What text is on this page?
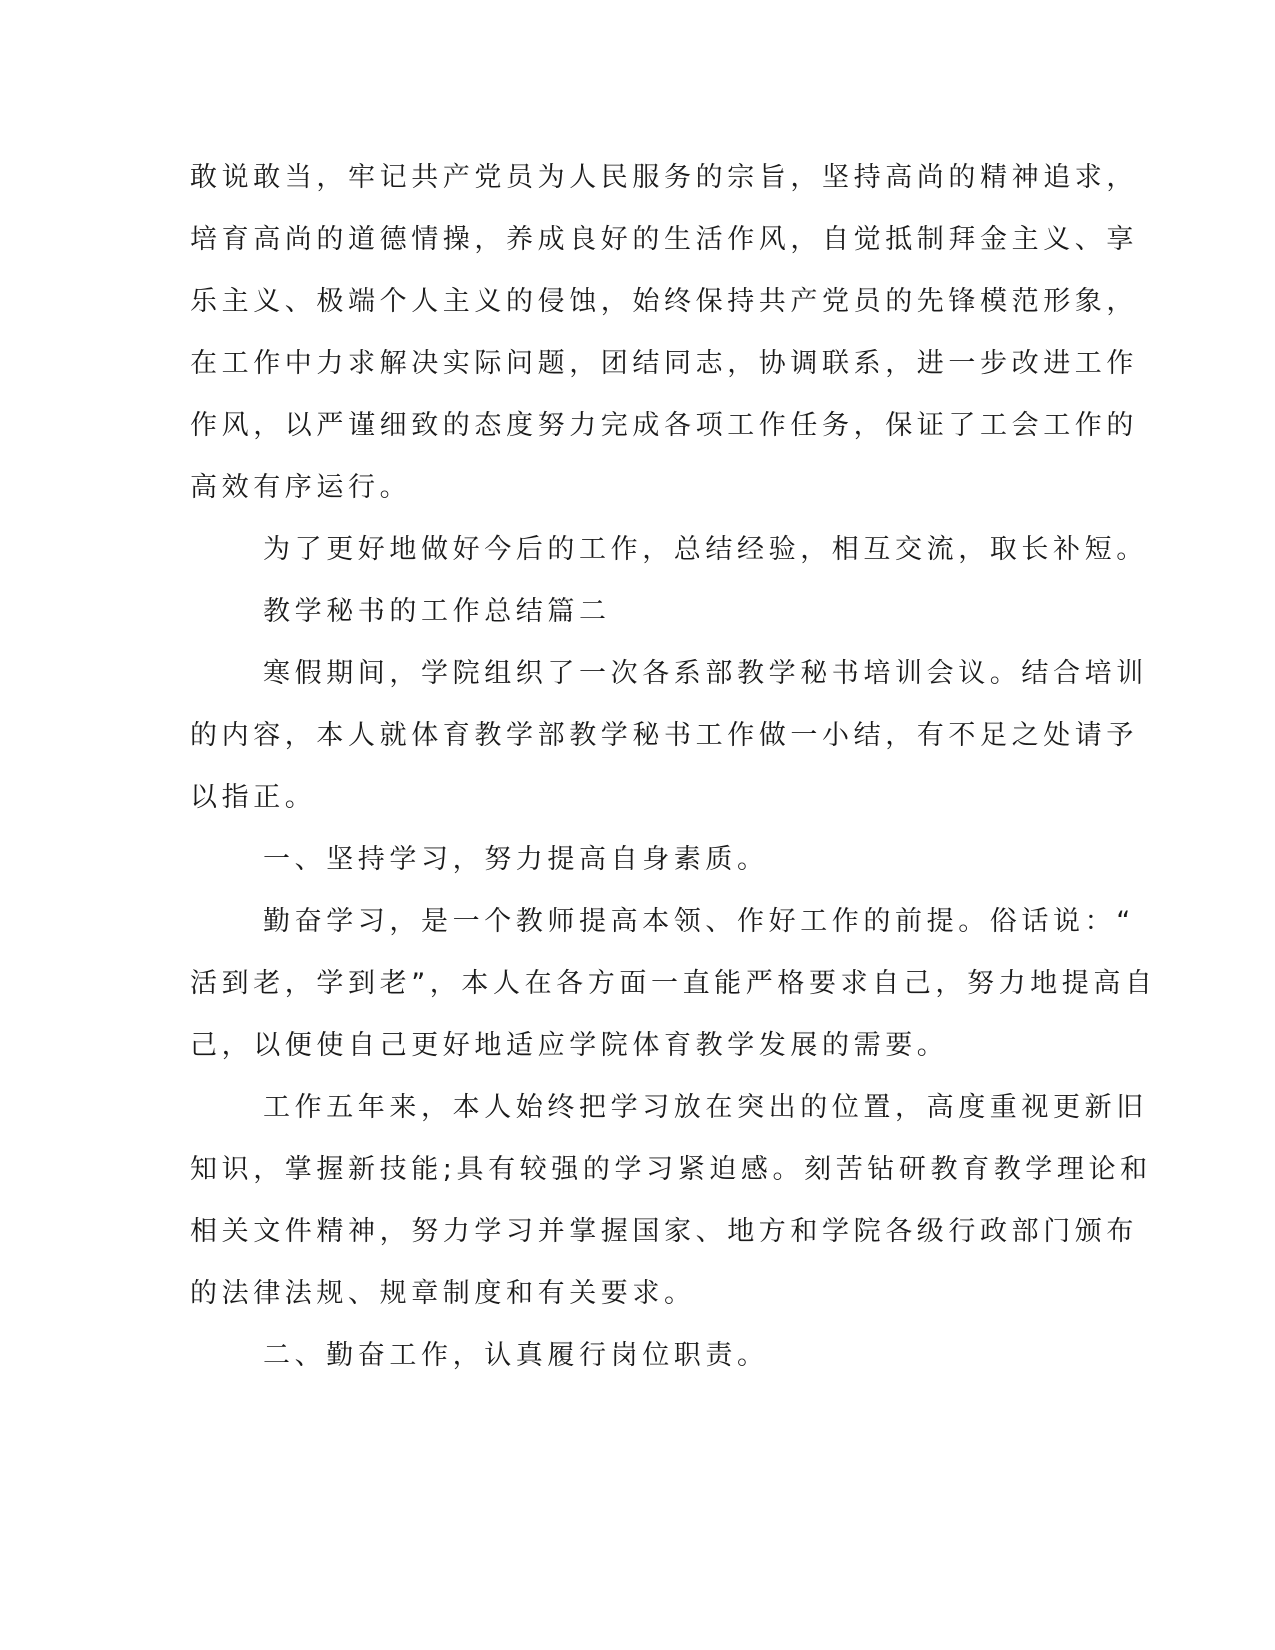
敢说敢当，牢记共产党员为人民服务的宗旨，坚持高尚的精神追求，

培育高尚的道德情操，养成良好的生活作风，自觉抵制拜金主义、享

乐主义、极端个人主义的侵蚀，始终保持共产党员的先锋模范形象，

在工作中力求解决实际问题，团结同志，协调联系，进一步改进工作

作风，以严谨细致的态度努力完成各项工作任务，保证了工会工作的

高效有序运行。

为了更好地做好今后的工作，总结经验，相互交流，取长补短。

教学秘书的工作总结篇二

寒假期间，学院组织了一次各系部教学秘书培训会议。结合培训

的内容，本人就体育教学部教学秘书工作做一小结，有不足之处请予

以指正。

一、坚持学习，努力提高自身素质。

勤奋学习，是一个教师提高本领、作好工作的前提。俗话说：“

活到老，学到老”，本人在各方面一直能严格要求自己，努力地提高自

己，以便使自己更好地适应学院体育教学发展的需要。

工作五年来，本人始终把学习放在突出的位置，高度重视更新旧

知识，掌握新技能;具有较强的学习紧迫感。刻苦钻研教育教学理论和

相关文件精神，努力学习并掌握国家、地方和学院各级行政部门颁布

的法律法规、规章制度和有关要求。

二、勤奋工作，认真履行岗位职责。
